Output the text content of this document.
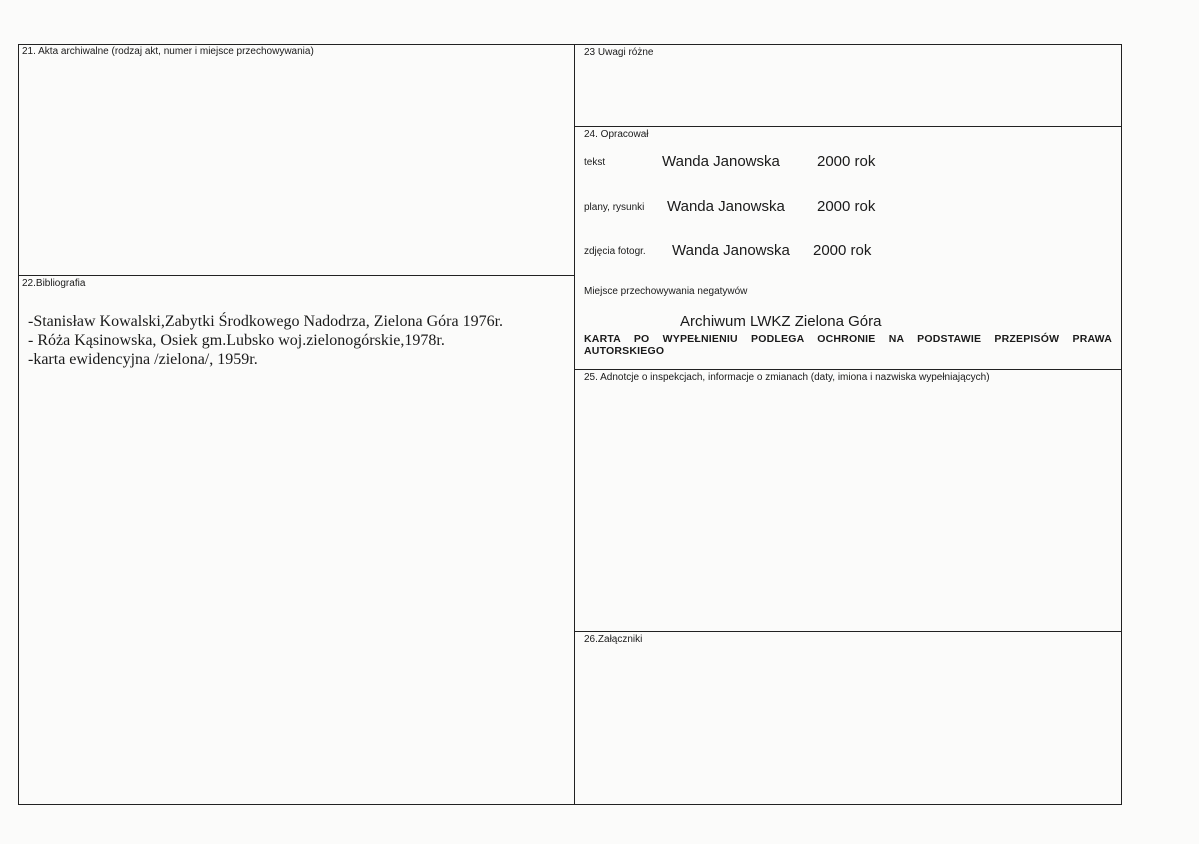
21. Akta archiwalne (rodzaj akt, numer i miejsce przechowywania)
22.Bibliografia
-Stanisław Kowalski,Zabytki Środkowego Nadodrza, Zielona Góra 1976r.
- Róża Kąsinowska, Osiek gm.Lubsko woj.zielonogórskie,1978r.
-karta ewidencyjna /zielona/, 1959r.
23 Uwagi różne
24. Opracował
tekst	Wanda Janowska 2000 rok
plany, rysunki Wanda Janowska 2000 rok
zdjęcia fotogr. Wanda Janowska 2000 rok
Miejsce przechowywania negatywów
Archiwum LWKZ Zielona Góra
KARTA PO WYPEŁNIENIU PODLEGA OCHRONIE NA PODSTAWIE PRZEPISÓW PRAWA AUTORSKIEGO
25. Adnotcje o inspekcjach, informacje o zmianach (daty, imiona i nazwiska wypełniających)
26.Załączniki
